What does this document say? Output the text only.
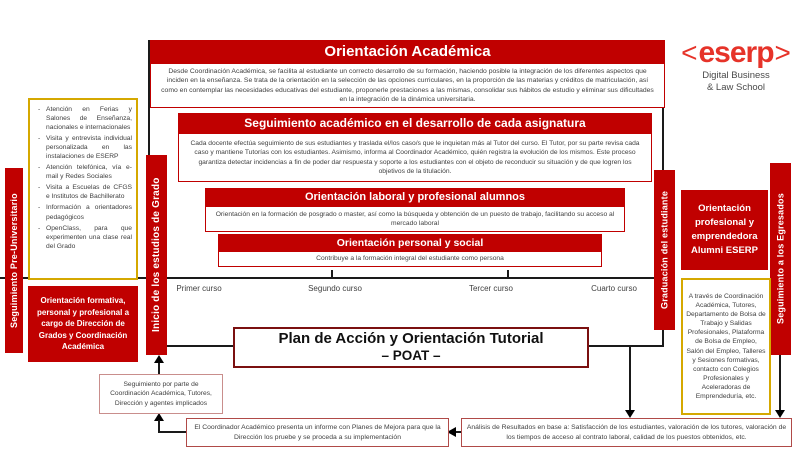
Primer curso	Segundo curso	Tercer curso	Cuarto curso
Orientación Académica

Desde Coordinación Académica, se facilita al estudiante un correcto desarrollo de su formación, haciendo posible la integración de los diferentes aspectos que inciden en la enseñanza. Se trata de la orientación en la selección de las opciones curriculares, en la proporción de las materias y créditos de matriculación, así como en contemplar las necesidades educativas del estudiante, proponerle prestaciones a las mismas, consolidar sus hábitos de estudio y eliminar sus dificultades en la integración de la dinámica universitaria.

< eserp >
Digital Business
& Law School
Seguimiento académico en el desarrollo de cada asignatura

Cada docente efectúa seguimiento de sus estudiantes y traslada el/los caso/s que le inquietan más al Tutor del curso. El Tutor, por su parte revisa cada caso y mantiene Tutorías con los estudiantes. Asimismo, informa al Coordinador Académico, quién registra la evolución de los mismos. Este proceso garantiza detectar incidencias a fin de poder dar respuesta y soporte a los estudiantes con el objeto de reconducir su situación y de que logren los objetivos de la titulación.

Orientación laboral y profesional alumnos

Orientación en la formación de posgrado o master, así como la búsqueda y obtención de un puesto de trabajo, facilitando su acceso al mercado laboral

Orientación personal y social

Contribuye a la formación integral del estudiante como persona

- Atención en Ferias y Salones de Enseñanza, nacionales e internacionales
- Visita y entrevista individual personalizada en las instalaciones de ESERP
- Atención telefónica, vía e-mail y Redes Sociales
- Visita a Escuelas de CFGS e Institutos de Bachillerato
- Información a orientadores pedagógicos
- OpenClass, para que experimenten una clase real del Grado
Orientación formativa, personal y profesional a cargo de Dirección de Grados y Coordinación Académica
Seguimiento Pre-Universitario	Inicio de los estudios de Grado	Graduación del estudiante	Seguimiento a los Egresados
Orientación profesional y emprendedora Alumni ESERP

A través de Coordinación Académica, Tutores, Departamento de Bolsa de Trabajo y Salidas Profesionales, Plataforma de Bolsa de Empleo, Salón del Empleo, Talleres y Sesiones formativas, contacto con Colegios Profesionales y Aceleradoras de Emprendeduría, etc.

Plan de Acción y Orientación Tutorial
– POAT –

Seguimiento por parte de Coordinación Académica, Tutores, Dirección y agentes implicados

El Coordinador Académico presenta un informe con Planes de Mejora para que la Dirección los pruebe y se proceda a su implementación

Análisis de Resultados en base a: Satisfacción de los estudiantes, valoración de los tutores, valoración de los tiempos de acceso al contrato laboral, calidad de los puestos obtenidos, etc.
